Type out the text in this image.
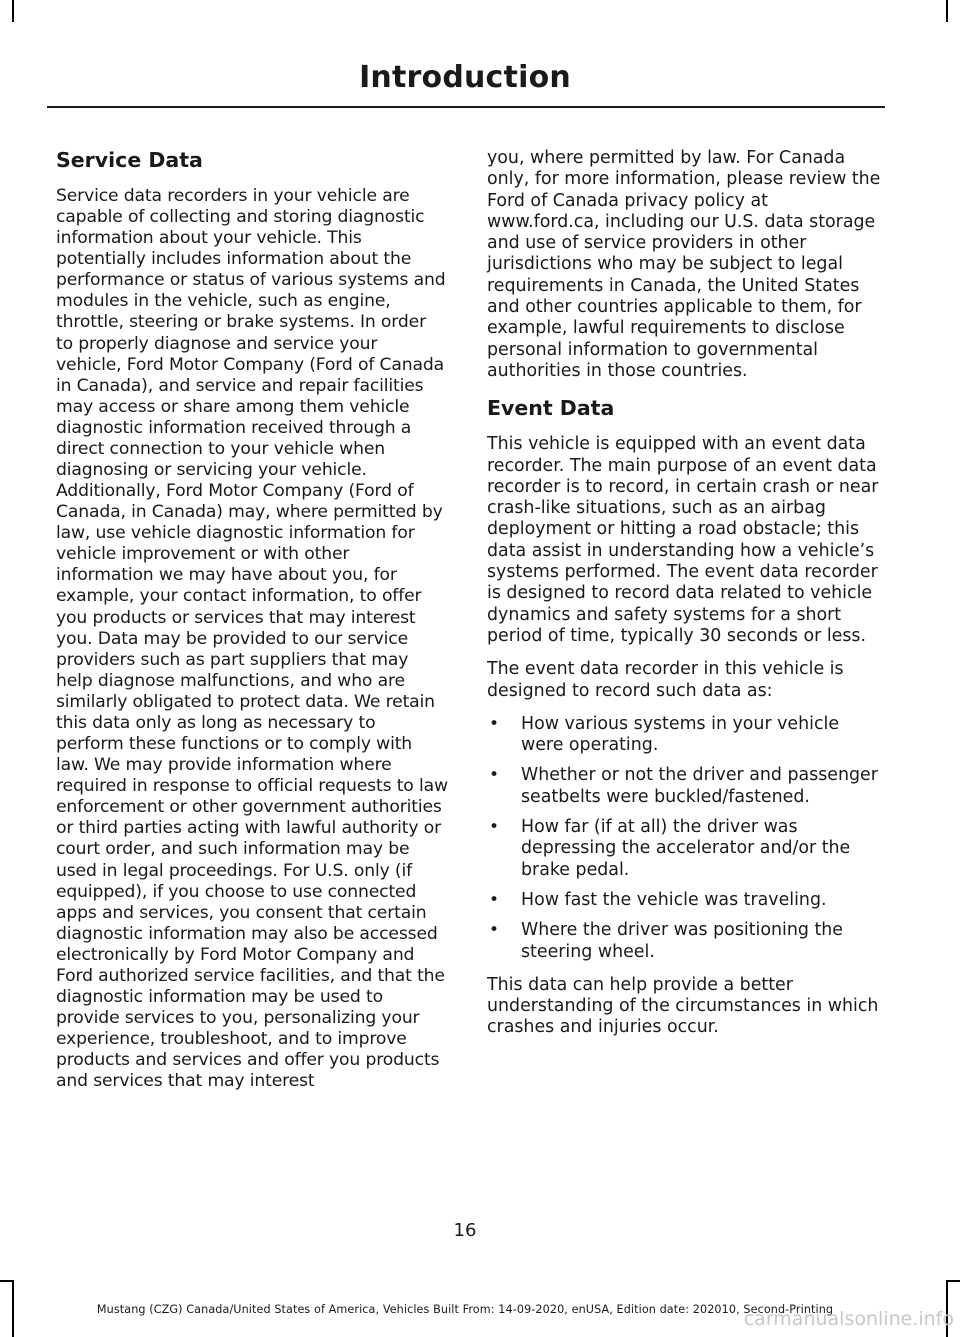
Introduction
Service Data

Service data recorders in your vehicle are capable of collecting and storing diagnostic information about your vehicle. This potentially includes information about the performance or status of various systems and modules in the vehicle, such as engine, throttle, steering or brake systems. In order to properly diagnose and service your vehicle, Ford Motor Company (Ford of Canada in Canada), and service and repair facilities may access or share among them vehicle diagnostic information received through a direct connection to your vehicle when diagnosing or servicing your vehicle. Additionally, Ford Motor Company (Ford of Canada, in Canada) may, where permitted by law, use vehicle diagnostic information for vehicle improvement or with other information we may have about you, for example, your contact information, to offer you products or services that may interest you. Data may be provided to our service providers such as part suppliers that may help diagnose malfunctions, and who are similarly obligated to protect data. We retain this data only as long as necessary to perform these functions or to comply with law. We may provide information where required in response to official requests to law enforcement or other government authorities or third parties acting with lawful authority or court order, and such information may be used in legal proceedings. For U.S. only (if equipped), if you choose to use connected apps and services, you consent that certain diagnostic information may also be accessed electronically by Ford Motor Company and Ford authorized service facilities, and that the diagnostic information may be used to provide services to you, personalizing your experience, troubleshoot, and to improve products and services and offer you products and services that may interest

you, where permitted by law. For Canada only, for more information, please review the Ford of Canada privacy policy at www.ford.ca, including our U.S. data storage and use of service providers in other jurisdictions who may be subject to legal requirements in Canada, the United States and other countries applicable to them, for example, lawful requirements to disclose personal information to governmental authorities in those countries.

Event Data

This vehicle is equipped with an event data recorder. The main purpose of an event data recorder is to record, in certain crash or near crash-like situations, such as an airbag deployment or hitting a road obstacle; this data assist in understanding how a vehicle’s systems performed. The event data recorder is designed to record data related to vehicle dynamics and safety systems for a short period of time, typically 30 seconds or less.

The event data recorder in this vehicle is designed to record such data as:

• How various systems in your vehicle were operating.
• Whether or not the driver and passenger seatbelts were buckled/fastened.
• How far (if at all) the driver was depressing the accelerator and/or the brake pedal.
• How fast the vehicle was traveling.
• Where the driver was positioning the steering wheel.

This data can help provide a better understanding of the circumstances in which crashes and injuries occur.

16
Mustang (CZG) Canada/United States of America, Vehicles Built From: 14-09-2020, enUSA, Edition date: 202010, Second-Printing
carmanualsonline.info
